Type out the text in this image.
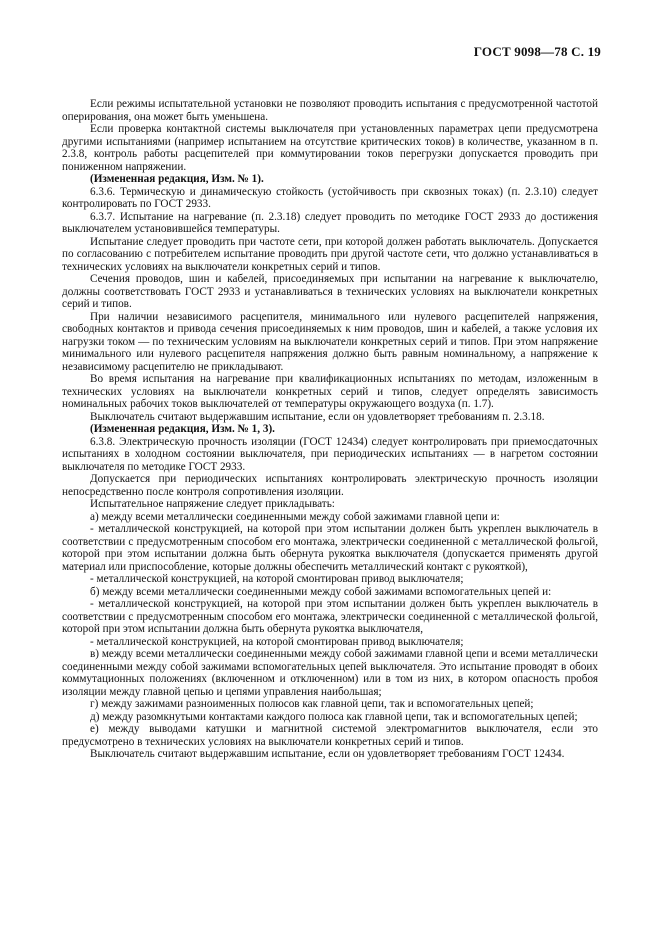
ГОСТ 9098—78 С. 19

Если режимы испытательной установки не позволяют проводить испытания с предусмотренной частотой оперирования, она может быть уменьшена.

Если проверка контактной системы выключателя при установленных параметрах цепи предусмотрена другими испытаниями (например испытанием на отсутствие критических токов) в количестве, указанном в п. 2.3.8, контроль работы расцепителей при коммутировании токов перегрузки допускается проводить при пониженном напряжении.

(Измененная редакция, Изм. № 1).

6.3.6. Термическую и динамическую стойкость (устойчивость при сквозных токах) (п. 2.3.10) следует контролировать по ГОСТ 2933.

6.3.7. Испытание на нагревание (п. 2.3.18) следует проводить по методике ГОСТ 2933 до достижения выключателем установившейся температуры.

Испытание следует проводить при частоте сети, при которой должен работать выключатель. Допускается по согласованию с потребителем испытание проводить при другой частоте сети, что должно устанавливаться в технических условиях на выключатели конкретных серий и типов.

Сечения проводов, шин и кабелей, присоединяемых при испытании на нагревание к выключателю, должны соответствовать ГОСТ 2933 и устанавливаться в технических условиях на выключатели конкретных серий и типов.

При наличии независимого расцепителя, минимального или нулевого расцепителей напряжения, свободных контактов и привода сечения присоединяемых к ним проводов, шин и кабелей, а также условия их нагрузки током — по техническим условиям на выключатели конкретных серий и типов. При этом напряжение минимального или нулевого расцепителя напряжения должно быть равным номинальному, а напряжение к независимому расцепителю не прикладывают.

Во время испытания на нагревание при квалификационных испытаниях по методам, изложенным в технических условиях на выключатели конкретных серий и типов, следует определять зависимость номинальных рабочих токов выключателей от температуры окружающего воздуха (п. 1.7).

Выключатель считают выдержавшим испытание, если он удовлетворяет требованиям п. 2.3.18.

(Измененная редакция, Изм. № 1, 3).

6.3.8. Электрическую прочность изоляции (ГОСТ 12434) следует контролировать при приемосдаточных испытаниях в холодном состоянии выключателя, при периодических испытаниях — в нагретом состоянии выключателя по методике ГОСТ 2933.

Допускается при периодических испытаниях контролировать электрическую прочность изоляции непосредственно после контроля сопротивления изоляции.

Испытательное напряжение следует прикладывать:

а) между всеми металлически соединенными между собой зажимами главной цепи и:

- металлической конструкцией, на которой при этом испытании должен быть укреплен выключатель в соответствии с предусмотренным способом его монтажа, электрически соединенной с металлической фольгой, которой при этом испытании должна быть обернута рукоятка выключателя (допускается применять другой материал или приспособление, которые должны обеспечить металлический контакт с рукояткой),

- металлической конструкцией, на которой смонтирован привод выключателя;

б) между всеми металлически соединенными между собой зажимами вспомогательных цепей и:

- металлической конструкцией, на которой при этом испытании должен быть укреплен выключатель в соответствии с предусмотренным способом его монтажа, электрически соединенной с металлической фольгой, которой при этом испытании должна быть обернута рукоятка выключателя,

- металлической конструкцией, на которой смонтирован привод выключателя;

в) между всеми металлически соединенными между собой зажимами главной цепи и всеми металлически соединенными между собой зажимами вспомогательных цепей выключателя. Это испытание проводят в обоих коммутационных положениях (включенном и отключенном) или в том из них, в котором опасность пробоя изоляции между главной цепью и цепями управления наибольшая;

г) между зажимами разноименных полюсов как главной цепи, так и вспомогательных цепей;

д) между разомкнутыми контактами каждого полюса как главной цепи, так и вспомогательных цепей;

е) между выводами катушки и магнитной системой электромагнитов выключателя, если это предусмотрено в технических условиях на выключатели конкретных серий и типов.

Выключатель считают выдержавшим испытание, если он удовлетворяет требованиям ГОСТ 12434.
